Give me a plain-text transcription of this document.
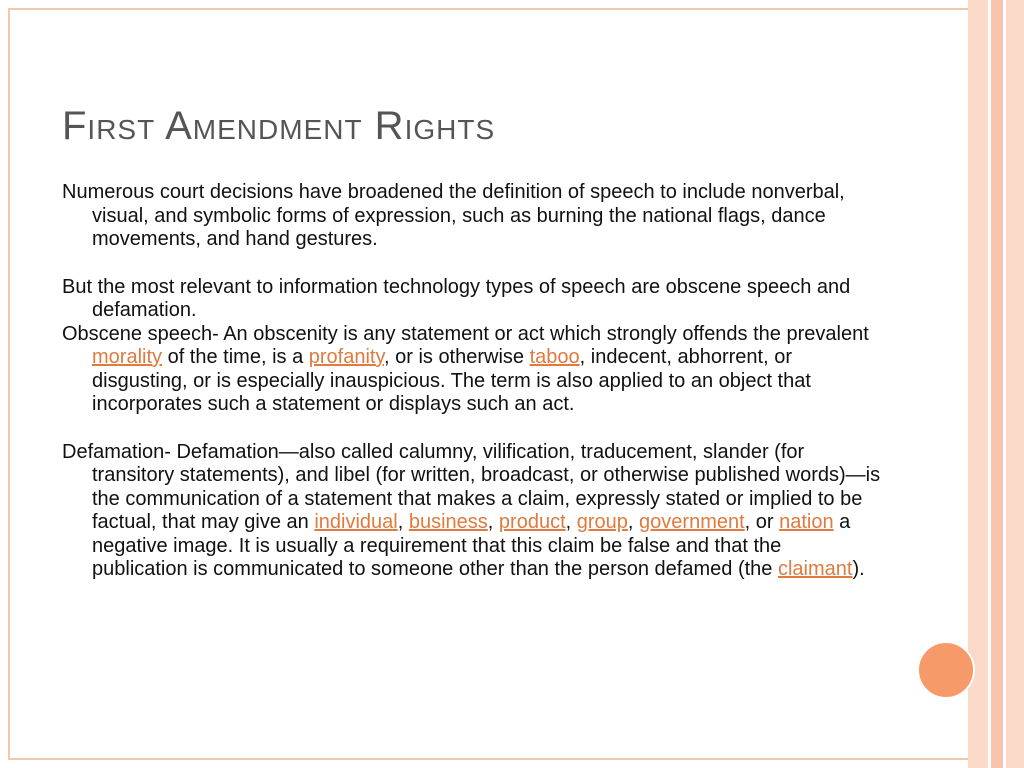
First Amendment Rights

Numerous court decisions have broadened the definition of speech to include nonverbal, visual, and symbolic forms of expression, such as burning the national flags, dance movements, and hand gestures.

But the most relevant to information technology types of speech are obscene speech and defamation.

Obscene speech- An obscenity is any statement or act which strongly offends the prevalent morality of the time, is a profanity, or is otherwise taboo, indecent, abhorrent, or disgusting, or is especially inauspicious. The term is also applied to an object that incorporates such a statement or displays such an act.

Defamation- Defamation—also called calumny, vilification, traducement, slander (for transitory statements), and libel (for written, broadcast, or otherwise published words)—is the communication of a statement that makes a claim, expressly stated or implied to be factual, that may give an individual, business, product, group, government, or nation a negative image. It is usually a requirement that this claim be false and that the publication is communicated to someone other than the person defamed (the claimant).
